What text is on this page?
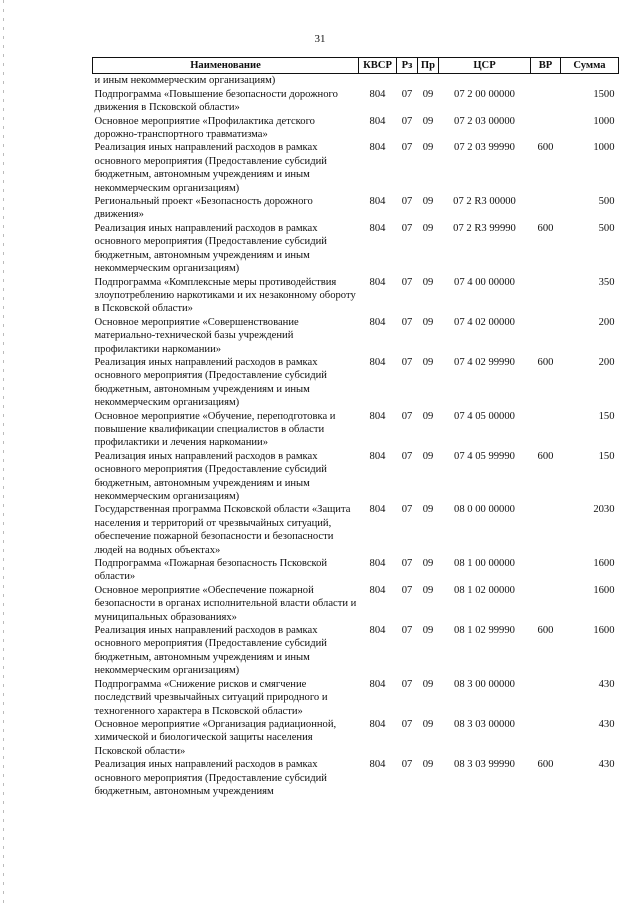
31
Наименование	КВСР	Рз	Пр	ЦСР	ВР	Сумма
и иным некоммерческим организациям)						
Подпрограмма «Повышение безопасности дорожного движения в Псковской области»	804	07	09	07 2 00 00000		1500
Основное мероприятие «Профилактика детского дорожно-транспортного травматизма»	804	07	09	07 2 03 00000		1000
Реализация иных направлений расходов в рамках основного мероприятия (Предоставление субсидий бюджетным, автономным учреждениям и иным некоммерческим организациям)	804	07	09	07 2 03 99990	600	1000
Региональный проект «Безопасность дорожного движения»	804	07	09	07 2 R3 00000		500
Реализация иных направлений расходов в рамках основного мероприятия (Предоставление субсидий бюджетным, автономным учреждениям и иным некоммерческим организациям)	804	07	09	07 2 R3 99990	600	500
Подпрограмма «Комплексные меры противодействия злоупотреблению наркотиками и их незаконному обороту в Псковской области»	804	07	09	07 4 00 00000		350
Основное мероприятие «Совершенствование материально-технической базы учреждений профилактики наркомании»	804	07	09	07 4 02 00000		200
Реализация иных направлений расходов в рамках основного мероприятия (Предоставление субсидий бюджетным, автономным учреждениям и иным некоммерческим организациям)	804	07	09	07 4 02 99990	600	200
Основное мероприятие «Обучение, переподготовка и повышение квалификации специалистов в области профилактики и лечения наркомании»	804	07	09	07 4 05 00000		150
Реализация иных направлений расходов в рамках основного мероприятия (Предоставление субсидий бюджетным, автономным учреждениям и иным некоммерческим организациям)	804	07	09	07 4 05 99990	600	150
Государственная программа Псковской области «Защита населения и территорий от чрезвычайных ситуаций, обеспечение пожарной безопасности и безопасности людей на водных объектах»	804	07	09	08 0 00 00000		2030
Подпрограмма «Пожарная безопасность Псковской области»	804	07	09	08 1 00 00000		1600
Основное мероприятие «Обеспечение пожарной безопасности в органах исполнительной власти области и муниципальных образованиях»	804	07	09	08 1 02 00000		1600
Реализация иных направлений расходов в рамках основного мероприятия (Предоставление субсидий бюджетным, автономным учреждениям и иным некоммерческим организациям)	804	07	09	08 1 02 99990	600	1600
Подпрограмма «Снижение рисков и смягчение последствий чрезвычайных ситуаций природного и техногенного характера в Псковской области»	804	07	09	08 3 00 00000		430
Основное мероприятие «Организация радиационной, химической и биологической защиты населения Псковской области»	804	07	09	08 3 03 00000		430
Реализация иных направлений расходов в рамках основного мероприятия (Предоставление субсидий бюджетным, автономным учреждениям	804	07	09	08 3 03 99990	600	430
